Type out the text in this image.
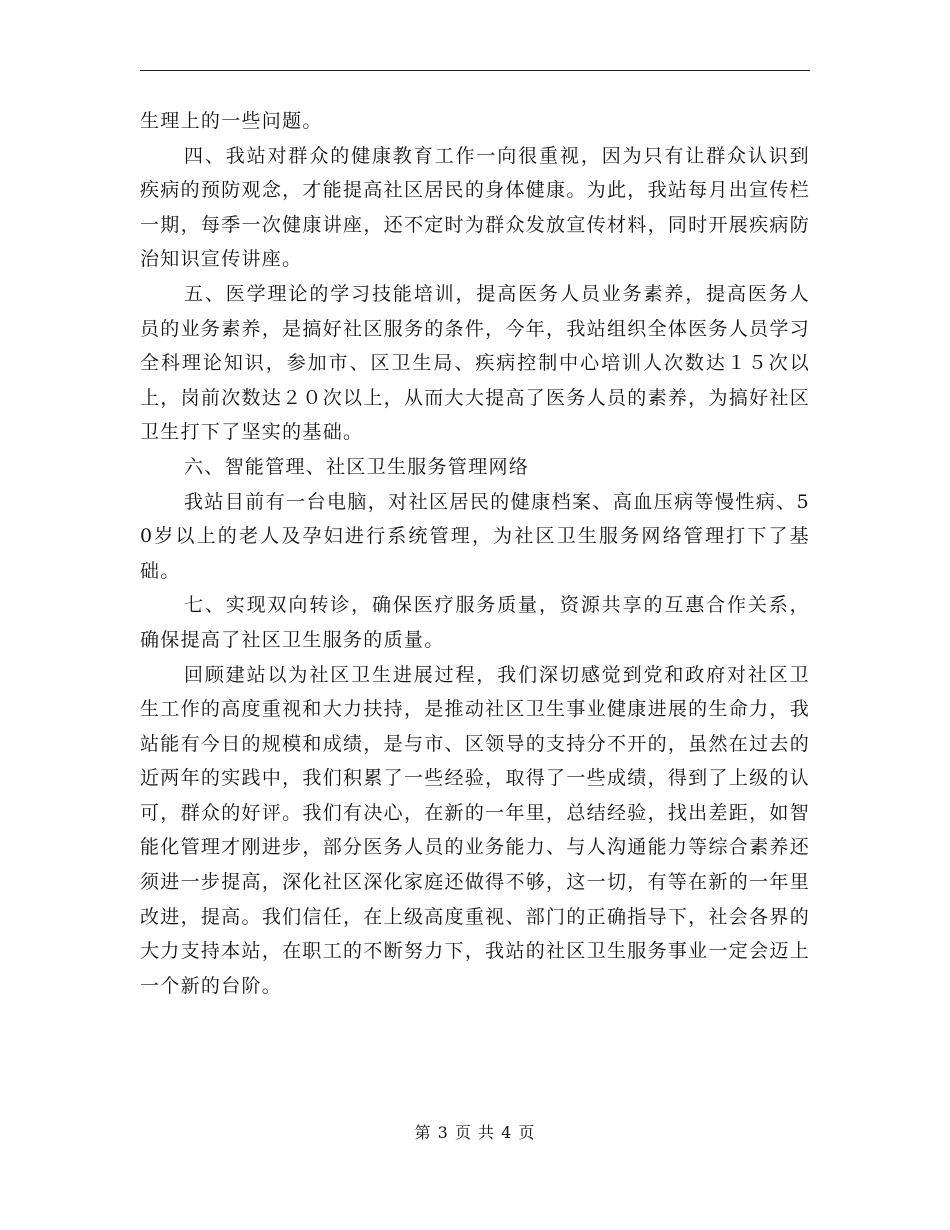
生理上的一些问题。

四、我站对群众的健康教育工作一向很重视，因为只有让群众认识到疾病的预防观念，才能提高社区居民的身体健康。为此，我站每月出宣传栏一期，每季一次健康讲座，还不定时为群众发放宣传材料，同时开展疾病防治知识宣传讲座。

五、医学理论的学习技能培训，提高医务人员业务素养，提高医务人员的业务素养，是搞好社区服务的条件，今年，我站组织全体医务人员学习全科理论知识，参加市、区卫生局、疾病控制中心培训人次数达１５次以上，岗前次数达２０次以上，从而大大提高了医务人员的素养，为搞好社区卫生打下了坚实的基础。

六、智能管理、社区卫生服务管理网络

我站目前有一台电脑，对社区居民的健康档案、高血压病等慢性病、50岁以上的老人及孕妇进行系统管理，为社区卫生服务网络管理打下了基础。

七、实现双向转诊，确保医疗服务质量，资源共享的互惠合作关系，确保提高了社区卫生服务的质量。

回顾建站以为社区卫生进展过程，我们深切感觉到党和政府对社区卫生工作的高度重视和大力扶持，是推动社区卫生事业健康进展的生命力，我站能有今日的规模和成绩，是与市、区领导的支持分不开的，虽然在过去的近两年的实践中，我们积累了一些经验，取得了一些成绩，得到了上级的认可，群众的好评。我们有决心，在新的一年里，总结经验，找出差距，如智能化管理才刚进步，部分医务人员的业务能力、与人沟通能力等综合素养还须进一步提高，深化社区深化家庭还做得不够，这一切，有等在新的一年里改进，提高。我们信任，在上级高度重视、部门的正确指导下，社会各界的大力支持本站，在职工的不断努力下，我站的社区卫生服务事业一定会迈上一个新的台阶。

第 3 页 共 4 页
